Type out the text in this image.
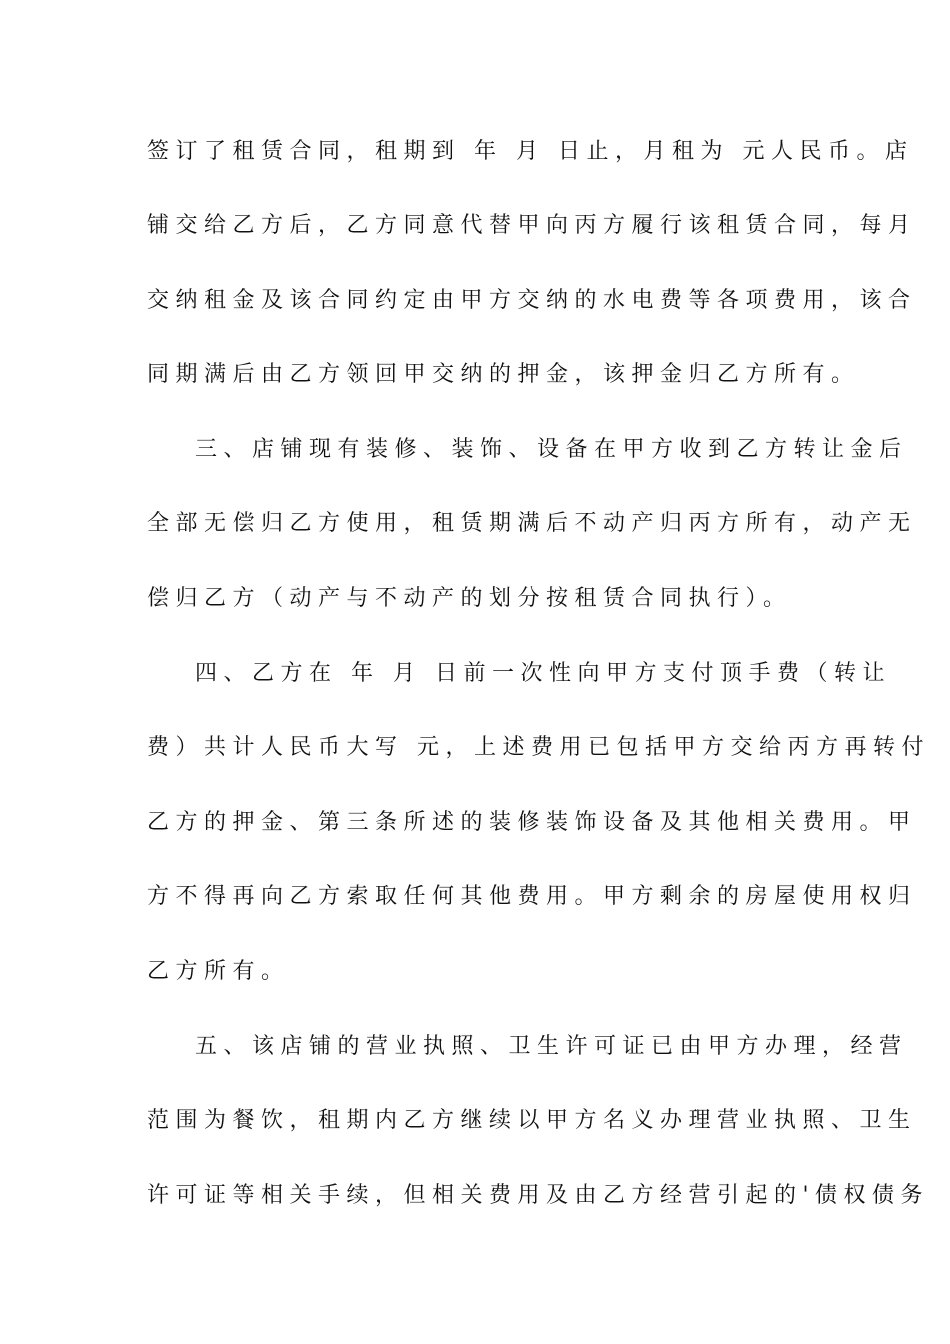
签订了租赁合同，租期到 年 月 日止，月租为 元人民币。店
铺交给乙方后，乙方同意代替甲向丙方履行该租赁合同，每月
交纳租金及该合同约定由甲方交纳的水电费等各项费用，该合
同期满后由乙方领回甲交纳的押金，该押金归乙方所有。
三、店铺现有装修、装饰、设备在甲方收到乙方转让金后
全部无偿归乙方使用，租赁期满后不动产归丙方所有，动产无
偿归乙方（动产与不动产的划分按租赁合同执行）。
四、乙方在 年 月 日前一次性向甲方支付顶手费（转让
费）共计人民币大写 元，上述费用已包括甲方交给丙方再转付
乙方的押金、第三条所述的装修装饰设备及其他相关费用。甲
方不得再向乙方索取任何其他费用。甲方剩余的房屋使用权归
乙方所有。
五、该店铺的营业执照、卫生许可证已由甲方办理，经营
范围为餐饮，租期内乙方继续以甲方名义办理营业执照、卫生
许可证等相关手续，但相关费用及由乙方经营引起的'债权债务
